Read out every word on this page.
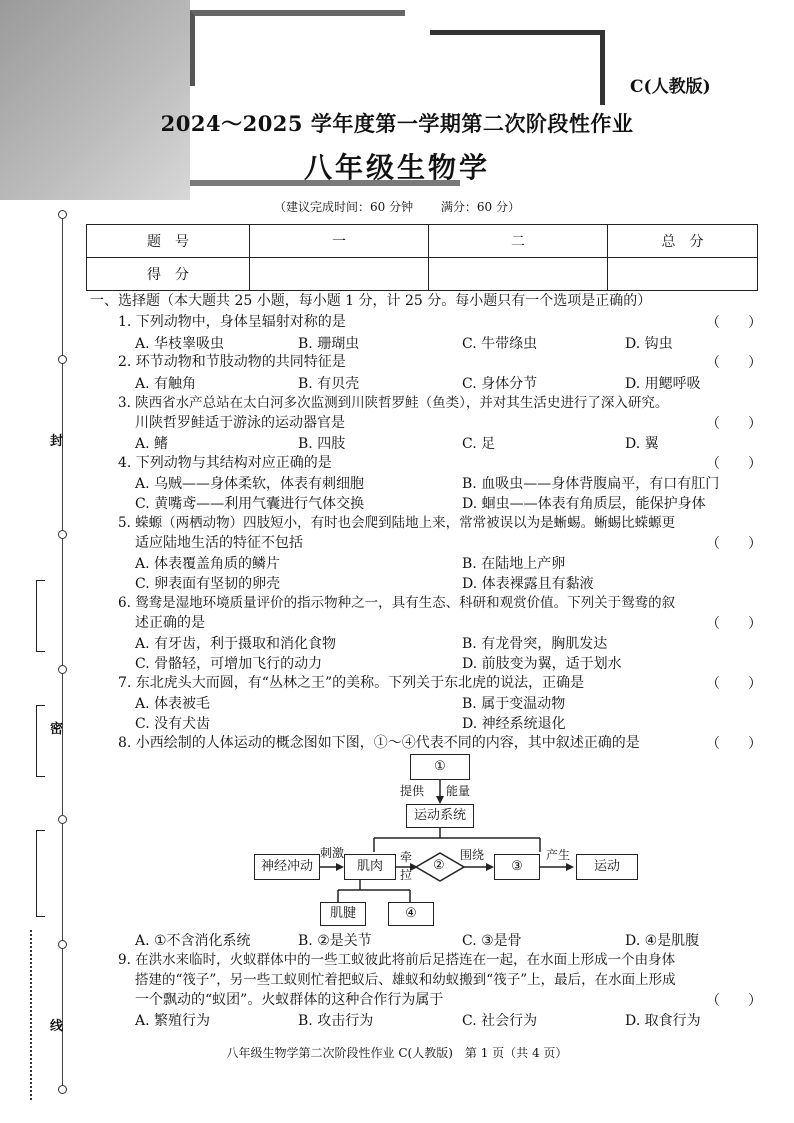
C(人教版)
2024～2025 学年度第一学期第二次阶段性作业
八年级生物学
（建议完成时间：60 分钟 满分：60 分）
题　号	一	二	总　分
得　分			
封
密
线
一、选择题（本大题共 25 小题，每小题 1 分，计 25 分。每小题只有一个选项是正确的）
1. 下列动物中，身体呈辐射对称的是	（　　）
A. 华枝睾吸虫	B. 珊瑚虫	C. 牛带绦虫	D. 钩虫
2. 环节动物和节肢动物的共同特征是	（　　）
A. 有触角	B. 有贝壳	C. 身体分节	D. 用鳃呼吸
3. 陕西省水产总站在太白河多次监测到川陕哲罗鲑（鱼类），并对其生活史进行了深入研究。
川陕哲罗鲑适于游泳的运动器官是	（　　）
A. 鳍	B. 四肢	C. 足	D. 翼
4. 下列动物与其结构对应正确的是	（　　）
A. 乌贼——身体柔软，体表有刺细胞	B. 血吸虫——身体背腹扁平，有口有肛门
C. 黄嘴鸢——利用气囊进行气体交换	D. 蛔虫——体表有角质层，能保护身体
5. 蝾螈（两栖动物）四肢短小，有时也会爬到陆地上来，常常被误以为是蜥蜴。蜥蜴比蝾螈更
适应陆地生活的特征不包括	（　　）
A. 体表覆盖角质的鳞片	B. 在陆地上产卵
C. 卵表面有坚韧的卵壳	D. 体表裸露且有黏液
6. 鸳鸯是湿地环境质量评价的指示物种之一，具有生态、科研和观赏价值。下列关于鸳鸯的叙
述正确的是	（　　）
A. 有牙齿，利于摄取和消化食物	B. 有龙骨突，胸肌发达
C. 骨骼轻，可增加飞行的动力	D. 前肢变为翼，适于划水
7. 东北虎头大而圆，有“丛林之王”的美称。下列关于东北虎的说法，正确是	（　　）
A. 体表被毛	B. 属于变温动物
C. 没有犬齿	D. 神经系统退化
8. 小西绘制的人体运动的概念图如下图，①～④代表不同的内容，其中叙述正确的是	（　　）
①
提供 能量
运动系统
神经冲动
刺激
肌肉
牵
拉
②
围绕
③
产生
运动
肌腱	④
A. ①不含消化系统	B. ②是关节	C. ③是骨	D. ④是肌腹
9. 在洪水来临时，火蚁群体中的一些工蚁彼此将前后足搭连在一起，在水面上形成一个由身体
搭建的“筏子”，另一些工蚁则忙着把蚁后、雄蚁和幼蚁搬到“筏子”上，最后，在水面上形成
一个飘动的“蚁团”。火蚁群体的这种合作行为属于	（　　）
A. 繁殖行为	B. 攻击行为	C. 社会行为	D. 取食行为
八年级生物学第二次阶段性作业 C(人教版)　第 1 页（共 4 页）
